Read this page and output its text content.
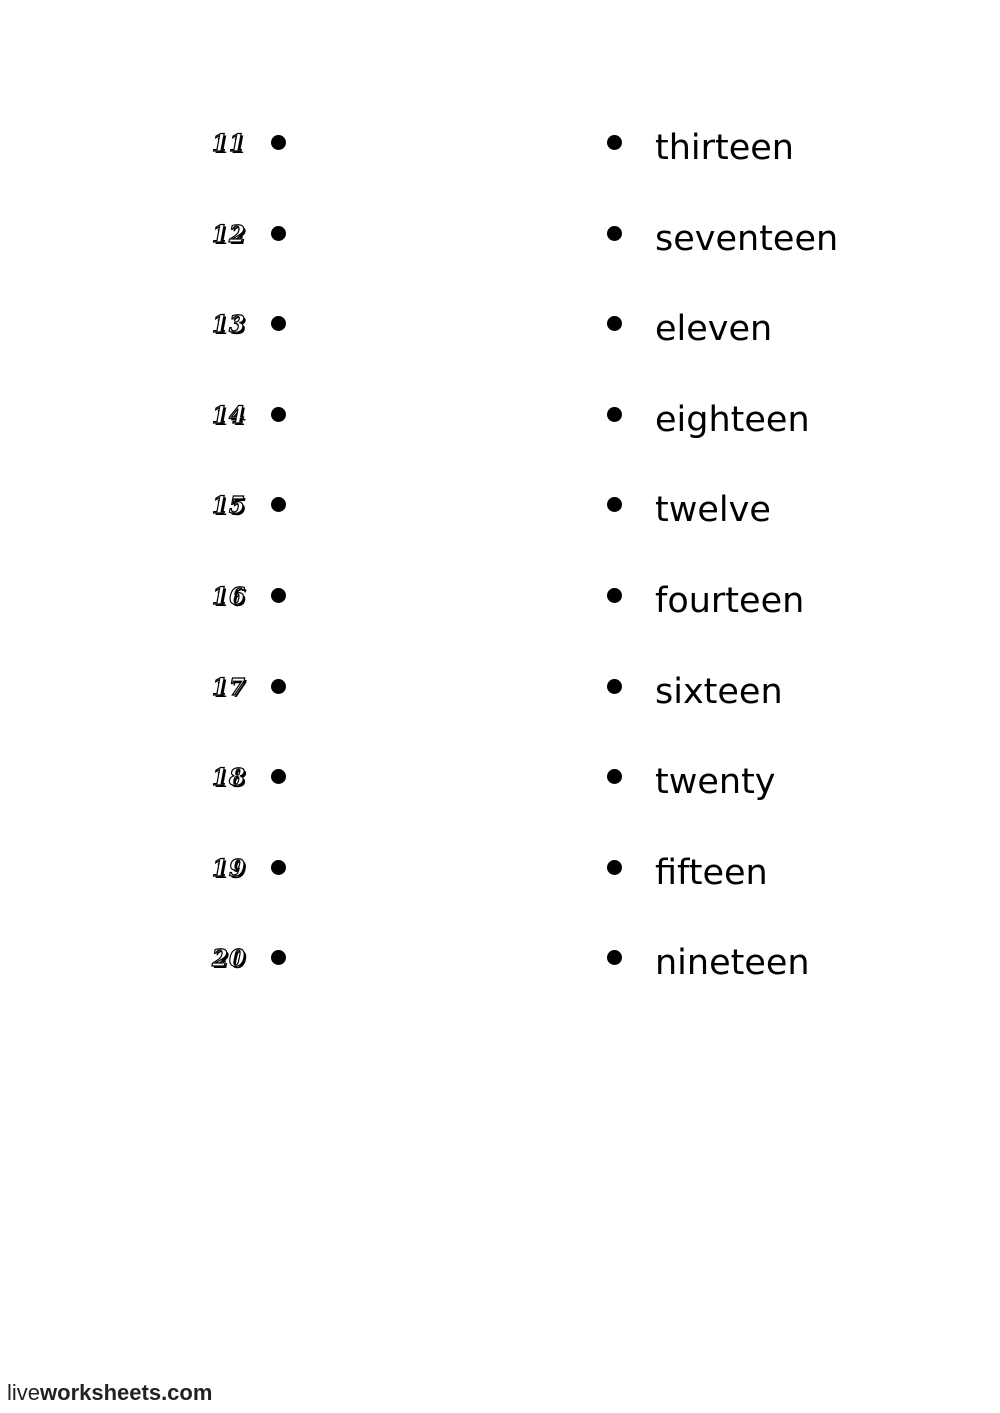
11	thirteen
12	seventeen
13	eleven
14	eighteen
15	twelve
16	fourteen
17	sixteen
18	twenty
19	fifteen
20	nineteen
liveworksheets.com
